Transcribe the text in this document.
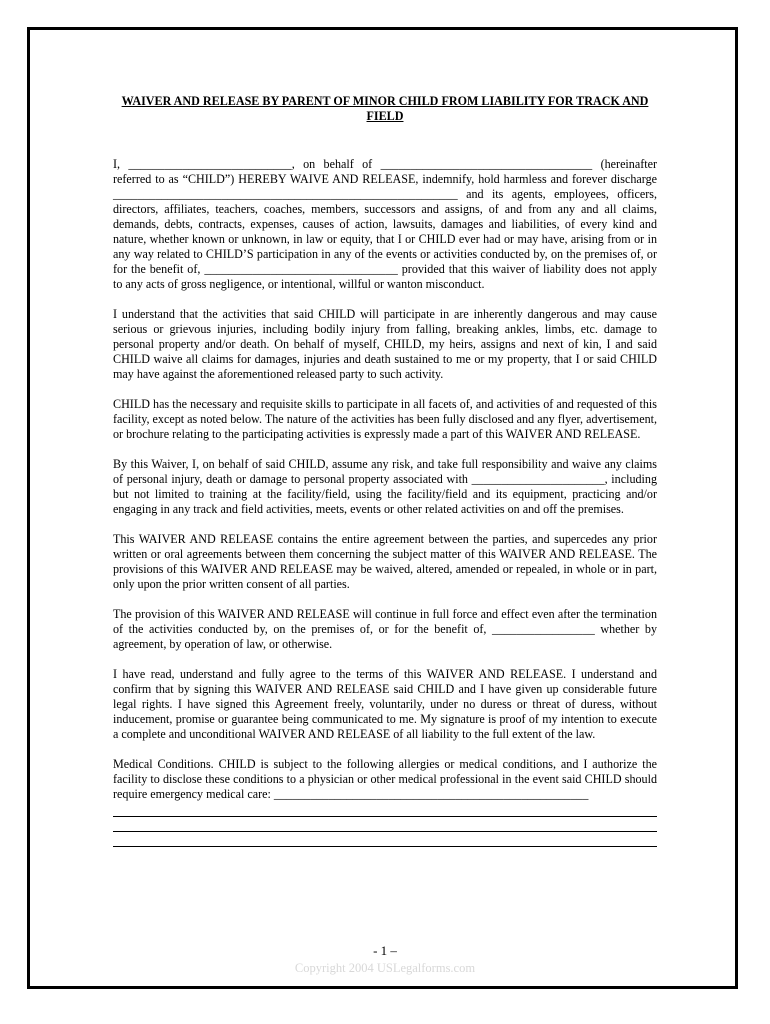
WAIVER AND RELEASE BY PARENT OF MINOR CHILD FROM LIABILITY FOR TRACK AND FIELD

I, ___________________________, on behalf of ___________________________________ (hereinafter referred to as “CHILD”) HEREBY WAIVE AND RELEASE, indemnify, hold harmless and forever discharge _________________________________________________________ and its agents, employees, officers, directors, affiliates, teachers, coaches, members, successors and assigns, of and from any and all claims, demands, debts, contracts, expenses, causes of action, lawsuits, damages and liabilities, of every kind and nature, whether known or unknown, in law or equity, that I or CHILD ever had or may have, arising from or in any way related to CHILD’S participation in any of the events or activities conducted by, on the premises of, or for the benefit of, ________________________________ provided that this waiver of liability does not apply to any acts of gross negligence, or intentional, willful or wanton misconduct.

I understand that the activities that said CHILD will participate in are inherently dangerous and may cause serious or grievous injuries, including bodily injury from falling, breaking ankles, limbs, etc. damage to personal property and/or death. On behalf of myself, CHILD, my heirs, assigns and next of kin, I and said CHILD waive all claims for damages, injuries and death sustained to me or my property, that I or said CHILD may have against the aforementioned released party to such activity.

CHILD has the necessary and requisite skills to participate in all facets of, and activities of and requested of this facility, except as noted below. The nature of the activities has been fully disclosed and any flyer, advertisement, or brochure relating to the participating activities is expressly made a part of this WAIVER AND RELEASE.

By this Waiver, I, on behalf of said CHILD, assume any risk, and take full responsibility and waive any claims of personal injury, death or damage to personal property associated with ______________________, including but not limited to training at the facility/field, using the facility/field and its equipment, practicing and/or engaging in any track and field activities, meets, events or other related activities on and off the premises.

This WAIVER AND RELEASE contains the entire agreement between the parties, and supercedes any prior written or oral agreements between them concerning the subject matter of this WAIVER AND RELEASE. The provisions of this WAIVER AND RELEASE may be waived, altered, amended or repealed, in whole or in part, only upon the prior written consent of all parties.

The provision of this WAIVER AND RELEASE will continue in full force and effect even after the termination of the activities conducted by, on the premises of, or for the benefit of, _________________ whether by agreement, by operation of law, or otherwise.

I have read, understand and fully agree to the terms of this WAIVER AND RELEASE. I understand and confirm that by signing this WAIVER AND RELEASE said CHILD and I have given up considerable future legal rights. I have signed this Agreement freely, voluntarily, under no duress or threat of duress, without inducement, promise or guarantee being communicated to me. My signature is proof of my intention to execute a complete and unconditional WAIVER AND RELEASE of all liability to the full extent of the law.

Medical Conditions. CHILD is subject to the following allergies or medical conditions, and I authorize the facility to disclose these conditions to a physician or other medical professional in the event said CHILD should require emergency medical care: ____________________________________________________

- 1 –
Copyright 2004 USLegalforms.com
